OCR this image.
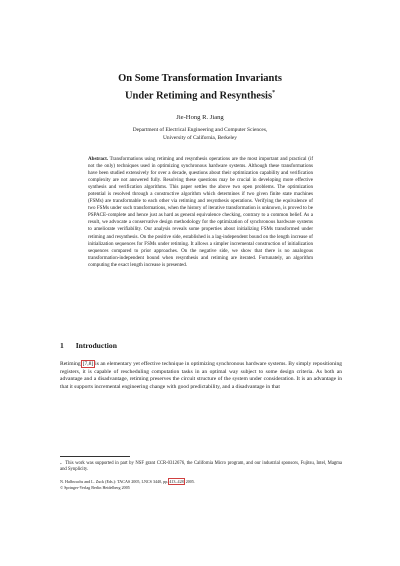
On Some Transformation Invariants
Under Retiming and Resynthesis*
Jie-Hong R. Jiang
Department of Electrical Engineering and Computer Sciences,
University of California, Berkeley
Abstract. Transformations using retiming and resynthesis operations are the most important and practical (if not the only) techniques used in optimizing synchronous hardware systems. Although these transformations have been studied extensively for over a decade, questions about their optimization capability and verification complexity are not answered fully. Resolving these questions may be crucial in developing more effective synthesis and verification algorithms. This paper settles the above two open problems. The optimization potential is resolved through a constructive algorithm which determines if two given finite state machines (FSMs) are transformable to each other via retiming and resynthesis operations. Verifying the equivalence of two FSMs under such transformations, when the history of iterative transformation is unknown, is proved to be PSPACE-complete and hence just as hard as general equivalence checking, contrary to a common belief. As a result, we advocate a conservative design methodology for the optimization of synchronous hardware systems to ameliorate verifiability. Our analysis reveals some properties about initializing FSMs transformed under retiming and resynthesis. On the positive side, established is a lag-independent bound on the length increase of initialization sequences for FSMs under retiming. It allows a simpler incremental construction of initialization sequences compared to prior approaches. On the negative side, we show that there is no analogous transformation-independent bound when resynthesis and retiming are iterated. Fortunately, an algorithm computing the exact length increase is presented.
1 Introduction
Retiming [7,8] is an elementary yet effective technique in optimizing synchronous hardware systems. By simply repositioning registers, it is capable of rescheduling computation tasks in an optimal way subject to some design criteria. As both an advantage and a disadvantage, retiming preserves the circuit structure of the system under consideration. It is an advantage in that it supports incremental engineering change with good predictability, and a disadvantage in that
* This work was supported in part by NSF grant CCR-0312676, the California Micro program, and our industrial sponsors, Fujitsu, Intel, Magma and Synplicity.
N. Halbwachs and L. Zuck (Eds.): TACAS 2005, LNCS 3440, pp. 413–428, 2005.
© Springer-Verlag Berlin Heidelberg 2005
